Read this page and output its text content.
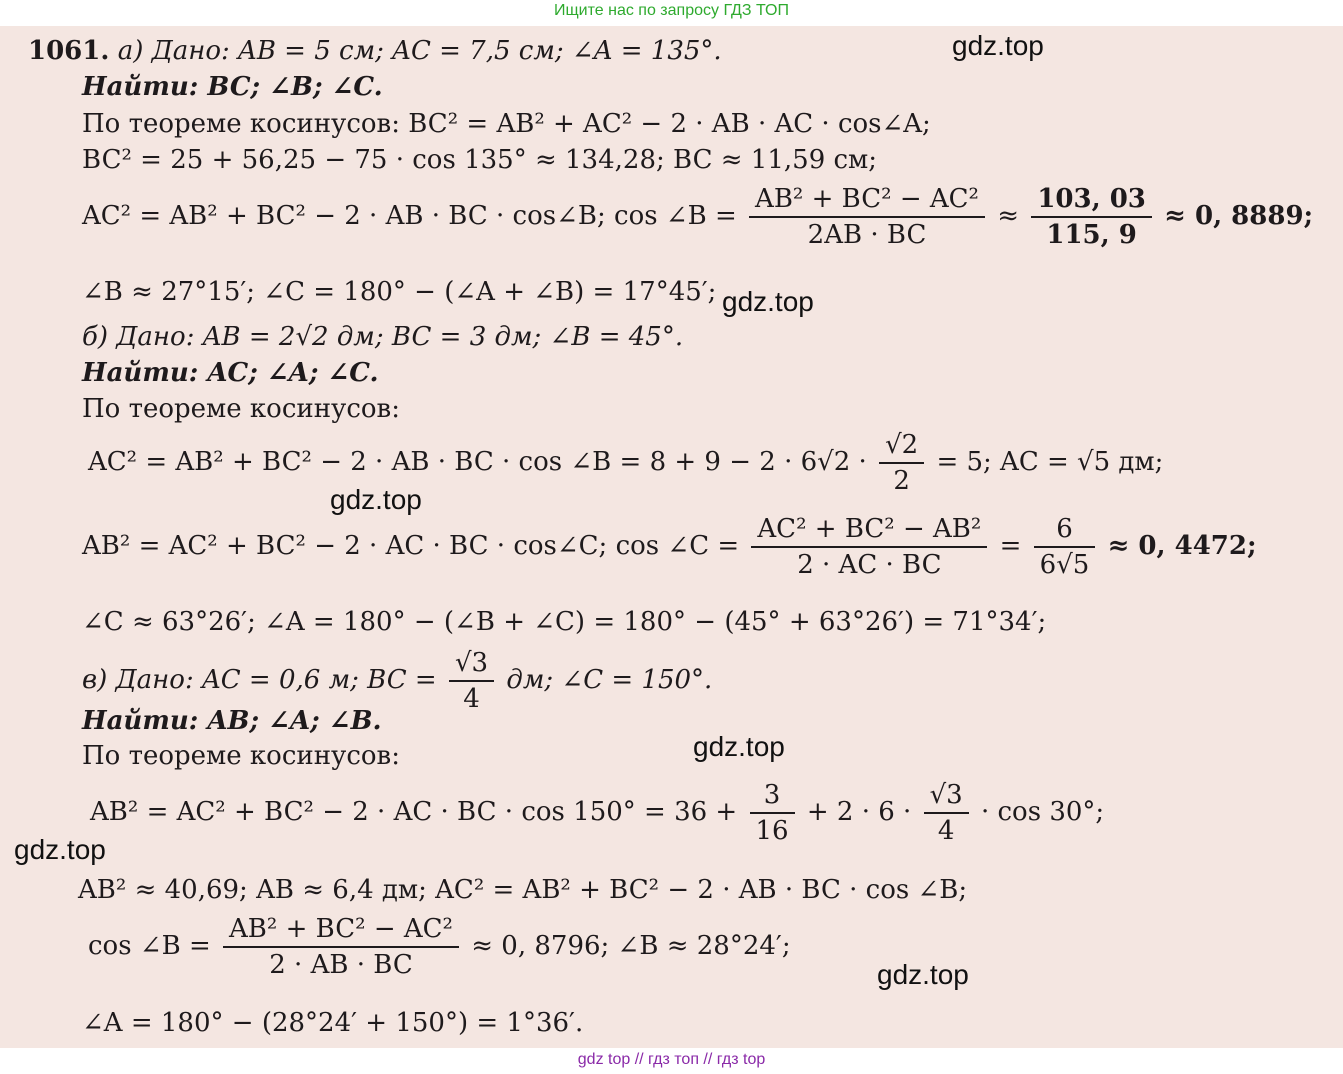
Ищите нас по запросу ГДЗ ТОП
1061. а) Дано: AB = 5 см; AC = 7,5 см; ∠A = 135°.
Найти: BC; ∠B; ∠C.
По теореме косинусов: BC² = AB² + AC² − 2 · AB · AC · cos∠A;
BC² = 25 + 56,25 − 75 · cos 135° ≈ 134,28; BC ≈ 11,59 см;
AC² = AB² + BC² − 2 · AB · BC · cos∠B; cos ∠B = $\frac{\text{AB² + BC² − AC²}}{2AB \cdot BC} \approx \frac{103, 03}{115, 9} \approx 0$, 8889;
∠B ≈ 27°15′; ∠C = 180° − (∠A + ∠B) = 17°45′;
б) Дано: AB = 2√2 дм; BC = 3 дм; ∠B = 45°.
Найти: AC; ∠A; ∠C.
По теореме косинусов:
AC² = AB² + BC² − 2 · AB · BC · cos ∠B = $8 + 9 - 2 \cdot 6√2 \cdot \frac{√2}{2} = 5$; AC = √5 дм;
AB² = AC² + BC² − 2 · AC · BC · cos∠C; cos ∠C = $\frac{\text{AC² + BC² − AB²}}{2 \cdot AC \cdot BC} = \frac{6}{6√5} \approx 0$, 4472;
∠C ≈ 63°26′; ∠A = 180° − (∠B + ∠C) = 180° − (45° + 63°26′) = 71°34′;
в) Дано: AC = 0,6 м; BC = $\frac{√3}{4}$ дм; ∠C = 150°.
Найти: AB; ∠A; ∠B.
По теореме косинусов:
AB² = AC² + BC² − 2 · AC · BC · $\cos 150^\circ = 36 + \frac{3}{16} + 2 \cdot 6 \cdot \frac{√3}{4} \cdot \cos 30^\circ$;
AB² ≈ 40,69; AB ≈ 6,4 дм; AC² = AB² + BC² − 2 · AB · BC · cos ∠B;
cos ∠B = $\frac{\text{AB² + BC² − AC²}}{2 \cdot AB \cdot BC} \approx 0$, 8796; ∠B ≈ 28°24′;
∠A = 180° − (28°24′ + 150°) = 1°36′.
gdz.top
gdz.top
gdz.top
gdz.top
gdz.top
gdz.top
gdz top // гдз топ // гдз top
